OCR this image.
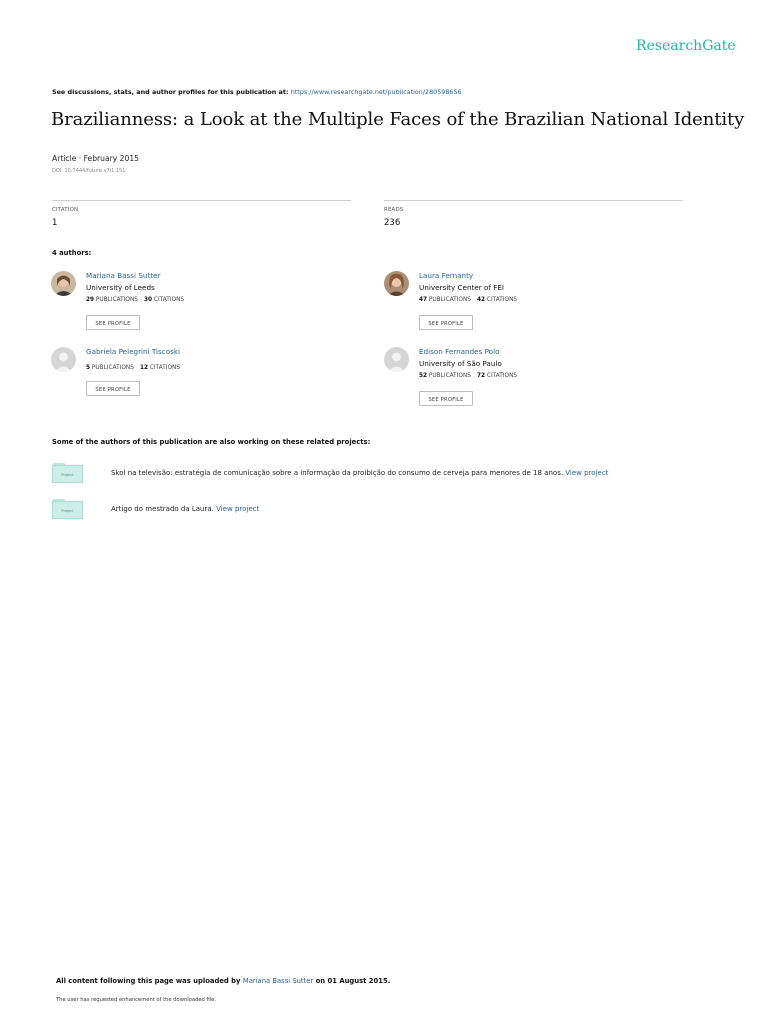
ResearchGate
See discussions, stats, and author profiles for this publication at: https://www.researchgate.net/publication/280598656
Brazilianness: a Look at the Multiple Faces of the Brazilian National Identity
Article · February 2015
DOI: 10.7444/future.v7i1.151
CITATION
1
READS
236
4 authors:
Mariana Bassi Sutter
University of Leeds
29 PUBLICATIONS 30 CITATIONS
SEE PROFILE
Laura Fernanty
University Center of FEI
47 PUBLICATIONS 42 CITATIONS
SEE PROFILE
Gabriela Pelegrini Tiscoski
5 PUBLICATIONS 12 CITATIONS
SEE PROFILE
Edison Fernandes Polo
University of São Paulo
52 PUBLICATIONS 72 CITATIONS
SEE PROFILE
Some of the authors of this publication are also working on these related projects:
Project	Skol na televisão: estratégia de comunicação sobre a informação da proibição do consumo de cerveja para menores de 18 anos. View project
Project	Artigo do mestrado da Laura. View project
All content following this page was uploaded by Mariana Bassi Sutter on 01 August 2015.
The user has requested enhancement of the downloaded file.
